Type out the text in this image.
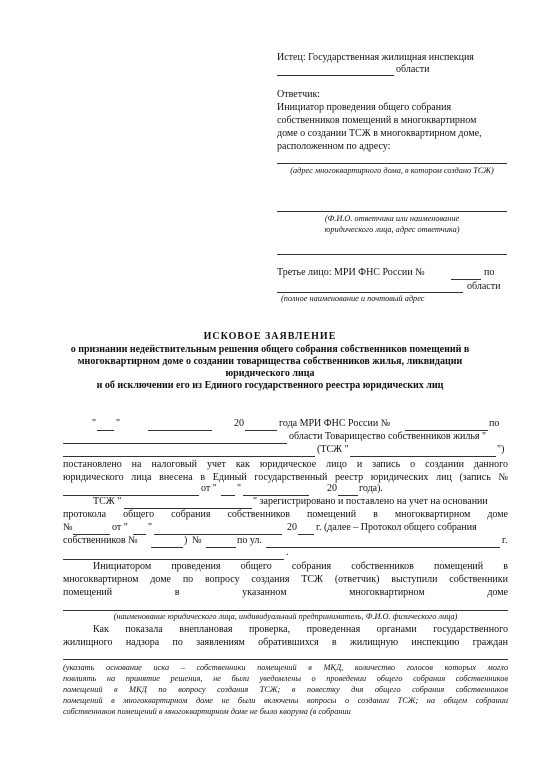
Истец: Государственная жилищная инспекция
области
Ответчик:
Инициатор проведения общего собрания
собственников помещений в многоквартирном
доме о создании ТСЖ в многоквартирном доме,
расположенном по адресу:
(адрес многоквартирного дома, в котором создано ТСЖ)
(Ф.И.О. ответчика или наименование
юридического лица, адрес ответчика)
Третье лицо: МРИ ФНС России №	по
области
(полное наименование и почтовый адрес
ИСКОВОЕ ЗАЯВЛЕНИЕ
о признании недействительным решения общего собрания собственников помещений в
многоквартирном доме о создании товарищества собственников жилья, ликвидации
юридического лица
и об исключении его из Единого государственного реестра юридических лиц
" "	20	года МРИ ФНС России №	по
области Товарищество собственников жилья "
(ТСЖ "	")
постановлено на налоговый учет как юридическое лицо и запись о создании данного
юридического лица внесена в Единый государственный реестр юридических лиц (запись №
от " "	20 года).
ТСЖ "	" зарегистрировано и поставлено на учет на основании
протокола общего собрания собственников помещений в многоквартирном доме
№	от " "	20 г. (далее – Протокол общего собрания
собственников №	) №	по ул.	г.
.
Инициатором проведения общего собрания собственников помещений в
многоквартирном доме по вопросу создания ТСЖ (ответчик) выступили собственники
помещений в указанном многоквартирном доме
(наименование юридического лица, индивидуальный предприниматель, Ф.И.О. физического лица)
Как показала внеплановая проверка, проведенная органами государственного
жилищного надзора по заявлениям обратившихся в жилищную инспекцию граждан
(указать основание иска – собственники помещений в МКД, количество голосов которых могло
повлиять на принятие решения, не были уведомлены о проведении общего собрания собственников
помещений в МКД по вопросу создания ТСЖ; в повестку дня общего собрания собственников
помещений в многоквартирном доме не были включены вопросы о создании ТСЖ; на общем собрании
собственников помещений в многоквартирном доме не было кворума (в собрании
